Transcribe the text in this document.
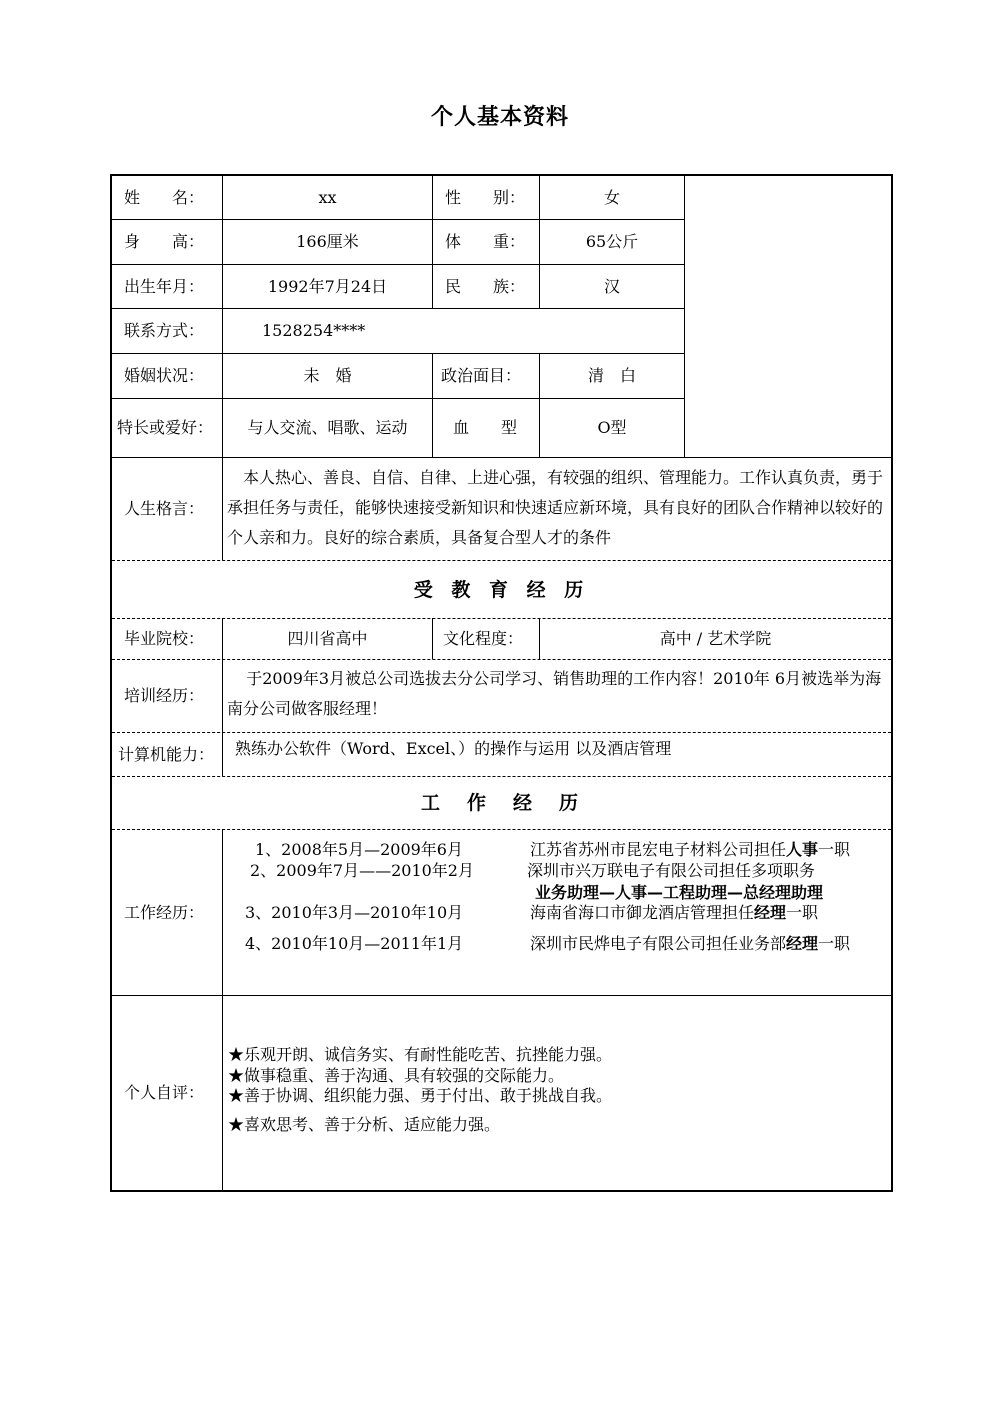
个人基本资料
姓　　名：	xx	性　　别：	女
身　　高：	166厘米	体　　重：	65公斤
出生年月：	1992年7月24日	民　　族：	汉
联系方式：	1528254****
婚姻状况：	未　婚	政治面目：	清　白
特长或爱好：	与人交流、唱歌、运动	血　　型	O型
人生格言：
本人热心、善良、自信、自律、上进心强，有较强的组织、管理能力。工作认真负责，勇于承担任务与责任，能够快速接受新知识和快速适应新环境，具有良好的团队合作精神以较好的个人亲和力。良好的综合素质，具备复合型人才的条件
受 教 育 经 历
毕业院校：	四川省高中	文化程度：	高中 / 艺术学院
培训经历：
于2009年3月被总公司选拔去分公司学习、销售助理的工作内容！2010年 6月被选举为海南分公司做客服经理！
计算机能力：	熟练办公软件（Word、Excel、）的操作与运用 以及酒店管理
工　作　经　历
工作经历：
1、2008年5月—2009年6月	江苏省苏州市昆宏电子材料公司担任人事一职
2、2009年7月——2010年2月	深圳市兴万联电子有限公司担任多项职务
业务助理—人事—工程助理—总经理助理
3、2010年3月—2010年10月	海南省海口市御龙酒店管理担任经理一职
4、2010年10月—2011年1月	深圳市民烨电子有限公司担任业务部经理一职
个人自评：
★乐观开朗、诚信务实、有耐性能吃苦、抗挫能力强。
★做事稳重、善于沟通、具有较强的交际能力。
★善于协调、组织能力强、勇于付出、敢于挑战自我。
★喜欢思考、善于分析、适应能力强。
